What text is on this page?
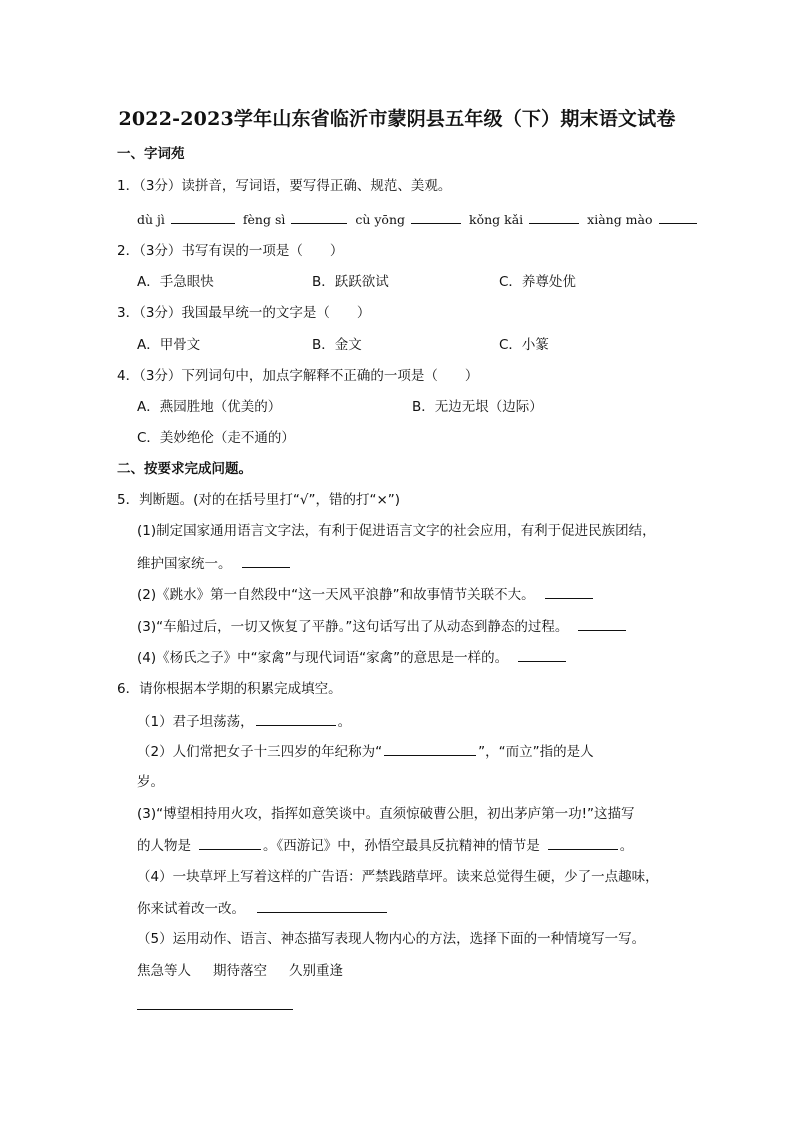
2022-2023学年山东省临沂市蒙阴县五年级（下）期末语文试卷
一、字词苑
1．（3分）读拼音，写词语，要写得正确、规范、美观。
dù jì	fèng sì	cù yōng	kǒng kǎi	xiàng mào
2．（3分）书写有误的一项是（　　）
A．手急眼快	B．跃跃欲试	C．养尊处优
3．（3分）我国最早统一的文字是（　　）
A．甲骨文	B．金文	C．小篆
4．（3分）下列词句中，加点字解释不正确的一项是（　　）
A．燕园胜地（优美的）	B．无边无垠（边际）
C．美妙绝伦（走不通的）
二、按要求完成问题。
5．判断题。(对的在括号里打“√”，错的打“×”)
(1)制定国家通用语言文字法，有利于促进语言文字的社会应用，有利于促进民族团结，
维护国家统一。
(2)《跳水》第一自然段中“这一天风平浪静”和故事情节关联不大。
(3)“车船过后，一切又恢复了平静。”这句话写出了从动态到静态的过程。
(4)《杨氏之子》中“家禽”与现代词语“家禽”的意思是一样的。
6．请你根据本学期的积累完成填空。
（1）君子坦荡荡，	。
（2）人们常把女子十三四岁的年纪称为“	”，“而立”指的是人
岁。
(3)“博望相持用火攻，指挥如意笑谈中。直须惊破曹公胆，初出茅庐第一功!”这描写
的人物是	。《西游记》中，孙悟空最具反抗精神的情节是	。
（4）一块草坪上写着这样的广告语：严禁践踏草坪。读来总觉得生硬，少了一点趣味，
你来试着改一改。
（5）运用动作、语言、神态描写表现人物内心的方法，选择下面的一种情境写一写。
焦急等人 期待落空 久别重逢
